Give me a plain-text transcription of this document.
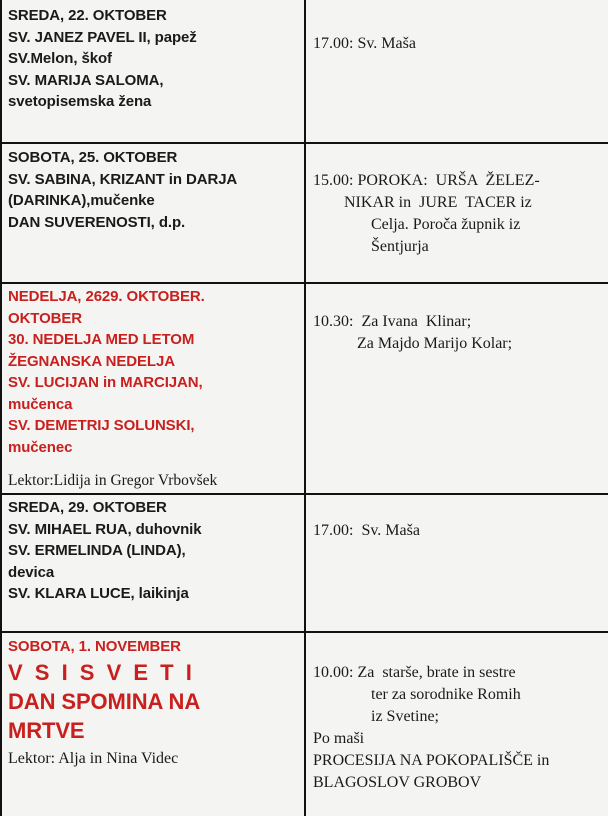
SREDA, 22. OKTOBER
SV. JANEZ PAVEL II, papež
SV.Melon, škof
SV. MARIJA SALOMA,
svetopisemska žena
17.00: Sv. Maša
SOBOTA, 25. OKTOBER
SV. SABINA, KRIZANT in DARJA
(DARINKA),mučenke
DAN SUVERENOSTI, d.p.
15.00: POROKA:  URŠA  ŽELEZ-
NIKAR in  JURE  TACER iz
Celja. Poroča župnik iz
Šentjurja
NEDELJA, 2629. OKTOBER.
OKTOBER
30. NEDELJA MED LETOM
ŽEGNANSKA NEDELJA
SV. LUCIJAN in MARCIJAN,
mučenca
SV. DEMETRIJ SOLUNSKI,
mučenec
Lektor:Lidija in Gregor Vrbovšek
10.30:  Za Ivana  Klinar;
Za Majdo Marijo Kolar;
SREDA, 29. OKTOBER
SV. MIHAEL RUA, duhovnik
SV. ERMELINDA (LINDA),
devica
SV. KLARA LUCE, laikinja
17.00:  Sv. Maša
SOBOTA, 1. NOVEMBER
V S I S V E T I
DAN SPOMINA NA
MRTVE
Lektor: Alja in Nina Videc
10.00: Za  starše, brate in sestre
ter za sorodnike Romih
iz Svetine;
Po maši
PROCESIJA NA POKOPALIŠČE in
BLAGOSLOV GROBOV
